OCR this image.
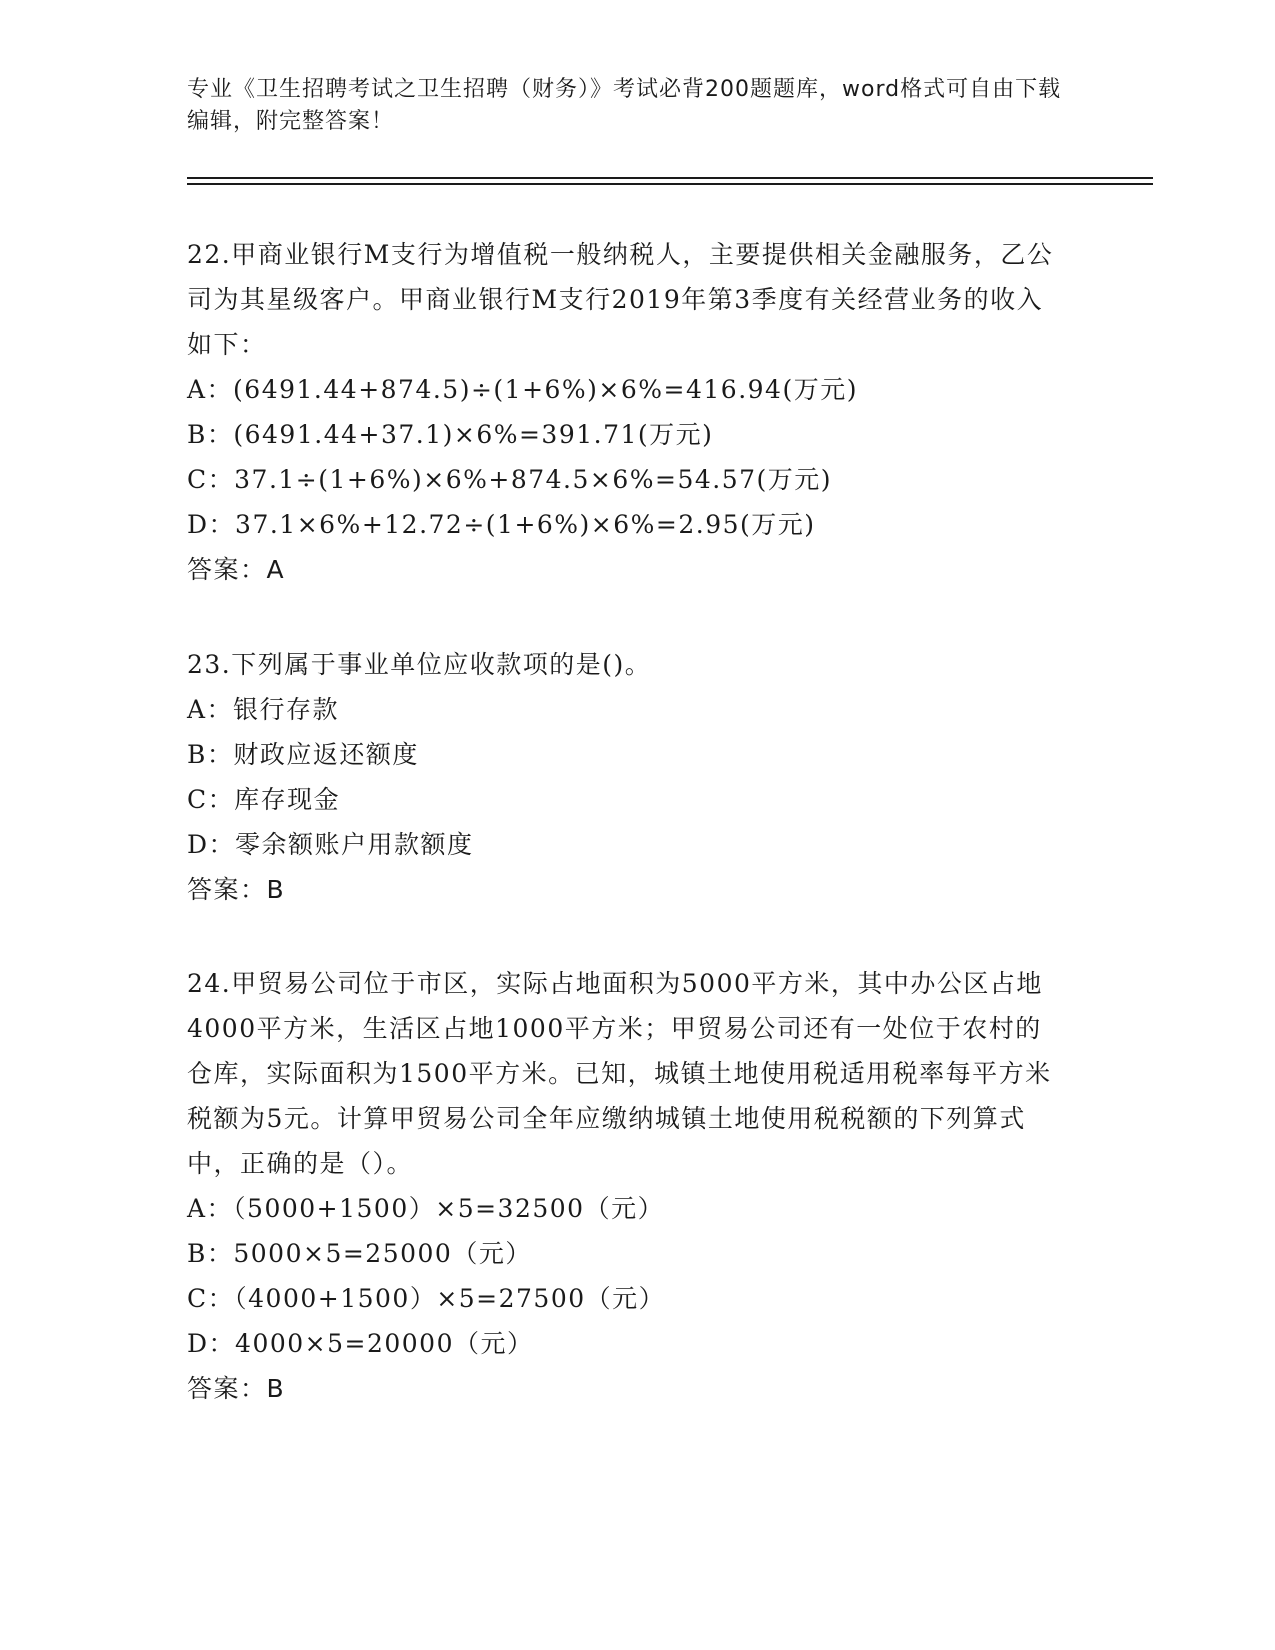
专业《卫生招聘考试之卫生招聘（财务）》考试必背200题题库，word格式可自由下载编辑，附完整答案！

22.甲商业银行M支行为增值税一般纳税人，主要提供相关金融服务，乙公司为其星级客户。甲商业银行M支行2019年第3季度有关经营业务的收入如下：

A：(6491.44+874.5)÷(1+6%)×6%=416.94(万元)
B：(6491.44+37.1)×6%=391.71(万元)
C：37.1÷(1+6%)×6%+874.5×6%=54.57(万元)
D：37.1×6%+12.72÷(1+6%)×6%=2.95(万元)
答案：A

23.下列属于事业单位应收款项的是()。

A：银行存款
B：财政应返还额度
C：库存现金
D：零余额账户用款额度
答案：B

24.甲贸易公司位于市区，实际占地面积为5000平方米，其中办公区占地4000平方米，生活区占地1000平方米；甲贸易公司还有一处位于农村的仓库，实际面积为1500平方米。已知，城镇土地使用税适用税率每平方米税额为5元。计算甲贸易公司全年应缴纳城镇土地使用税税额的下列算式中，正确的是（）。

A：（5000+1500）×5=32500（元）
B：5000×5=25000（元）
C：（4000+1500）×5=27500（元）
D：4000×5=20000（元）
答案：B
